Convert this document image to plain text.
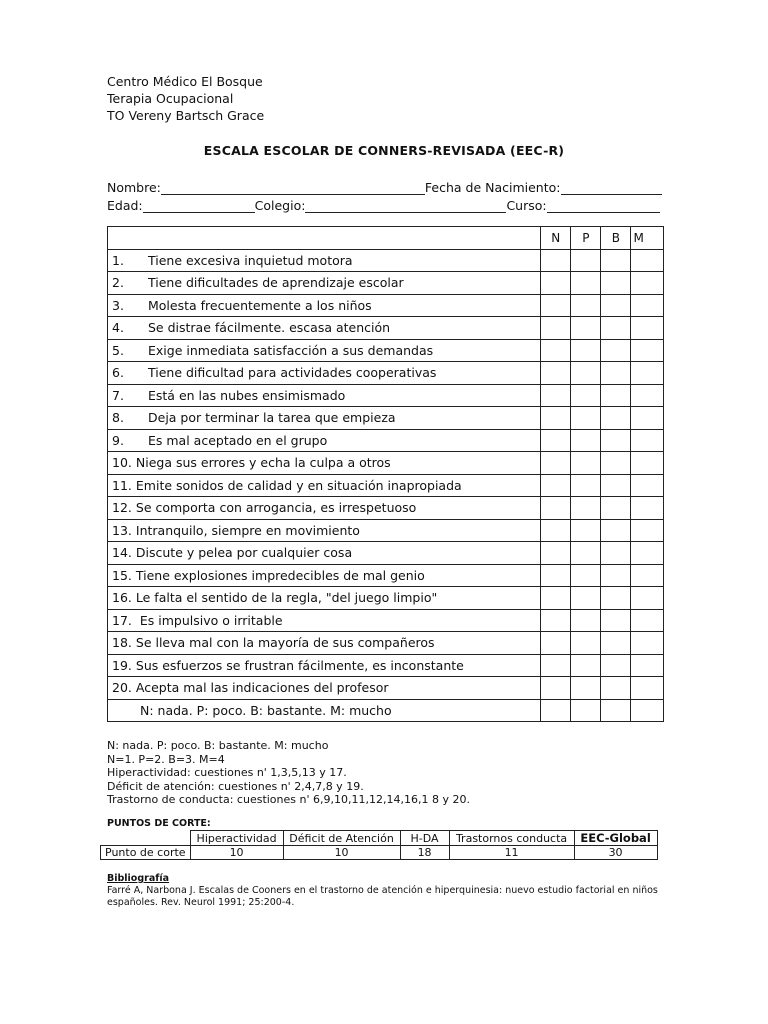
Centro Médico El Bosque
Terapia Ocupacional
TO Vereny Bartsch Grace
ESCALA ESCOLAR DE CONNERS-REVISADA (EEC-R)
Nombre:	Fecha de Nacimiento:
Edad:	Colegio:	Curso:
	N	P	B	M
1. Tiene excesiva inquietud motora				
2. Tiene dificultades de aprendizaje escolar				
3. Molesta frecuentemente a los niños				
4. Se distrae fácilmente. escasa atención				
5. Exige inmediata satisfacción a sus demandas				
6. Tiene dificultad para actividades cooperativas				
7. Está en las nubes ensimismado				
8. Deja por terminar la tarea que empieza				
9. Es mal aceptado en el grupo				
10. Niega sus errores y echa la culpa a otros				
11. Emite sonidos de calidad y en situación inapropiada				
12. Se comporta con arrogancia, es irrespetuoso				
13. Intranquilo, siempre en movimiento				
14. Discute y pelea por cualquier cosa				
15. Tiene explosiones impredecibles de mal genio				
16. Le falta el sentido de la regla, "del juego limpio"				
17. Es impulsivo o irritable				
18. Se lleva mal con la mayoría de sus compañeros				
19. Sus esfuerzos se frustran fácilmente, es inconstante				
20. Acepta mal las indicaciones del profesor				
N: nada. P: poco. B: bastante. M: mucho				
N: nada. P: poco. B: bastante. M: mucho
N=1. P=2. B=3. M=4
Hiperactividad: cuestiones n' 1,3,5,13 y 17.
Déficit de atención: cuestiones n' 2,4,7,8 y 19.
Trastorno de conducta: cuestiones n' 6,9,10,11,12,14,16,1 8 y 20.
PUNTOS DE CORTE:
	Hiperactividad	Déficit de Atención	H-DA	Trastornos conducta	EEC-Global
Punto de corte	10	10	18	11	30
Bibliografía
Farré A, Narbona J. Escalas de Cooners en el trastorno de atención e hiperquinesia: nuevo estudio factorial en niños españoles. Rev. Neurol 1991; 25:200-4.
